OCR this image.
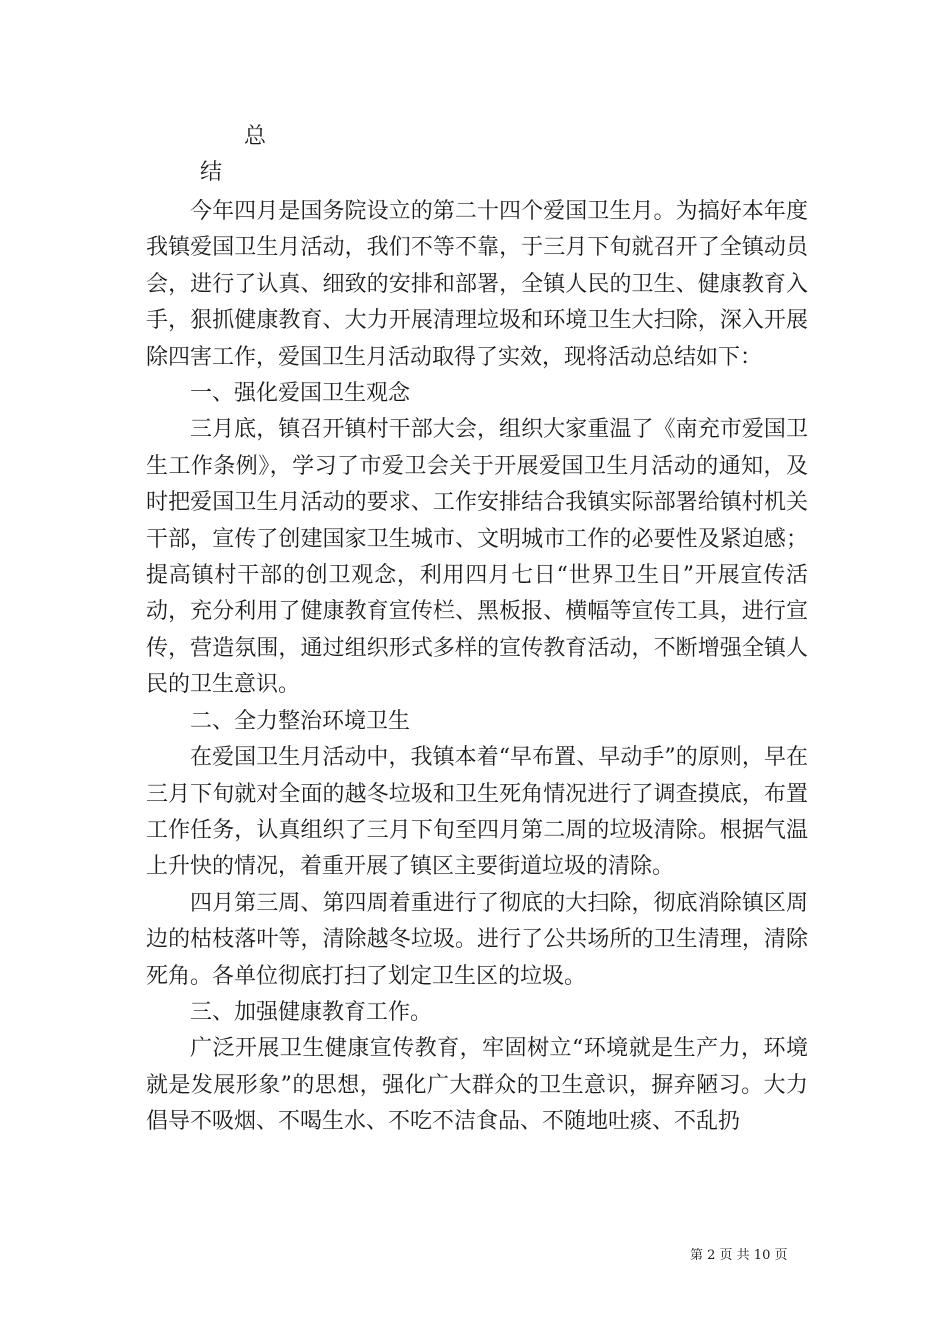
总
结

今年四月是国务院设立的第二十四个爱国卫生月。为搞好本年度我镇爱国卫生月活动，我们不等不靠，于三月下旬就召开了全镇动员会，进行了认真、细致的安排和部署，全镇人民的卫生、健康教育入手，狠抓健康教育、大力开展清理垃圾和环境卫生大扫除，深入开展除四害工作，爱国卫生月活动取得了实效，现将活动总结如下：

一、强化爱国卫生观念

三月底，镇召开镇村干部大会，组织大家重温了《南充市爱国卫生工作条例》，学习了市爱卫会关于开展爱国卫生月活动的通知，及时把爱国卫生月活动的要求、工作安排结合我镇实际部署给镇村机关干部，宣传了创建国家卫生城市、文明城市工作的必要性及紧迫感；提高镇村干部的创卫观念，利用四月七日“世界卫生日”开展宣传活动，充分利用了健康教育宣传栏、黑板报、横幅等宣传工具，进行宣传，营造氛围，通过组织形式多样的宣传教育活动，不断增强全镇人民的卫生意识。

二、全力整治环境卫生

在爱国卫生月活动中，我镇本着“早布置、早动手”的原则，早在三月下旬就对全面的越冬垃圾和卫生死角情况进行了调查摸底，布置工作任务，认真组织了三月下旬至四月第二周的垃圾清除。根据气温上升快的情况，着重开展了镇区主要街道垃圾的清除。

四月第三周、第四周着重进行了彻底的大扫除，彻底消除镇区周边的枯枝落叶等，清除越冬垃圾。进行了公共场所的卫生清理，清除死角。各单位彻底打扫了划定卫生区的垃圾。

三、加强健康教育工作。

广泛开展卫生健康宣传教育，牢固树立“环境就是生产力，环境就是发展形象”的思想，强化广大群众的卫生意识，摒弃陋习。大力倡导不吸烟、不喝生水、不吃不洁食品、不随地吐痰、不乱扔

第 2 页 共 10 页
